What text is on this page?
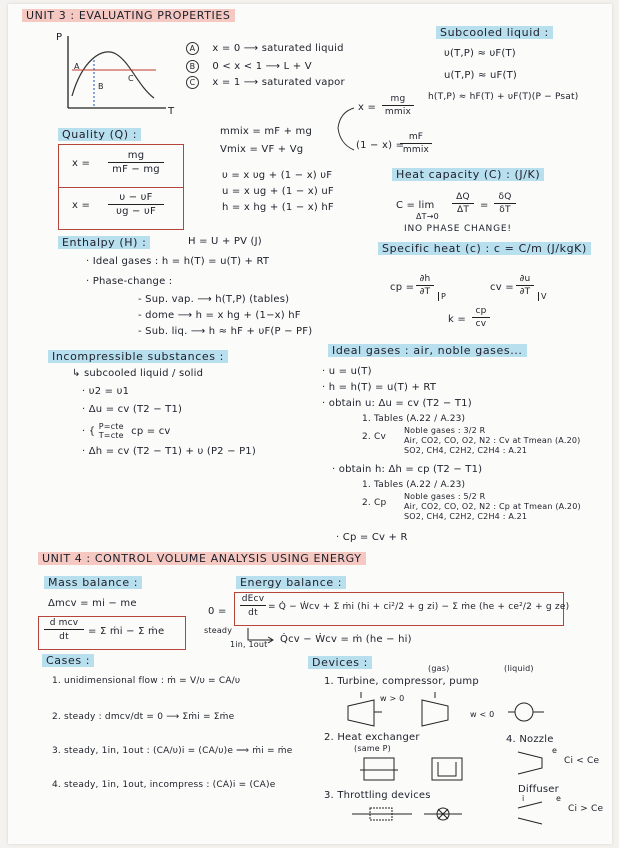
UNIT 3 : EVALUATING PROPERTIES
P
T
A
B
C
A x = 0 ⟶ saturated liquid
B 0 < x < 1 ⟶ L + V
C x = 1 ⟶ saturated vapor
Subcooled liquid :
υ(T,P) ≈ υF(T)
u(T,P) ≈ uF(T)
h(T,P) ≈ hF(T) + υF(T)(P − Psat)
Quality (Q) :
x =
mg
mF − mg
x =
υ − υF
υg − υF
mmix = mF + mg
Vmix = VF + Vg
x =
mg
mmix
(1 − x) =
mF
mmix
υ = x υg + (1 − x) υF
u = x ug + (1 − x) uF
h = x hg + (1 − x) hF
Heat capacity (C) : (J/K)
C = lim
ΔT→0
ΔQ
ΔT	=
δQ
δT
INO PHASE CHANGE!
Enthalpy (H) :	H = U + PV (J)
· Ideal gases : h = h(T) = u(T) + RT
· Phase-change :
- Sup. vap. ⟶ h(T,P) (tables)
- dome ⟶ h = x hg + (1−x) hF
- Sub. liq. ⟶ h ≈ hF + υF(P − PF)
Specific heat (c) : c = C/m (J/kgK)
cp =
∂h
∂T	P
cv =
∂u
∂T	V
k =
cp
cv
Incompressible substances :
↳ subcooled liquid / solid
· υ2 = υ1
· Δu = cv (T2 − T1)
· { P=cte
T=cte cp = cv
· Δh = cv (T2 − T1) + υ (P2 − P1)
Ideal gases : air, noble gases...
· u = u(T)
· h = h(T) = u(T) + RT
· obtain u: Δu = cv (T2 − T1)
1. Tables (A.22 / A.23)
2. Cv
Noble gases : 3/2 R
Air, CO2, CO, O2, N2 : Cv at Tmean (A.20)
SO2, CH4, C2H2, C2H4 : A.21
· obtain h: Δh = cp (T2 − T1)
1. Tables (A.22 / A.23)
2. Cp
Noble gases : 5/2 R
Air, CO2, CO, O2, N2 : Cp at Tmean (A.20)
SO2, CH4, C2H2, C2H4 : A.21
· Cp = Cv + R
UNIT 4 : CONTROL VOLUME ANALYSIS USING ENERGY
Mass balance :
Δmcv = mi − me
d mcv
dt	= Σ ṁi − Σ ṁe
Energy balance :
0 =
steady
dEcv
dt
= Q̇ − Ẇcv + Σ ṁi (hi + ci²/2 + g zi) − Σ ṁe (he + ce²/2 + g ze)
1in, 1out Q̇cv − Ẇcv = ṁ (he − hi)
Cases :
1. unidimensional flow : ṁ = V/υ = CA/υ
2. steady : dmcv/dt = 0 ⟶ Σṁi = Σṁe
3. steady, 1in, 1out : (CA/υ)i = (CA/υ)e ⟹ ṁi = ṁe
4. steady, 1in, 1out, incompress : (CA)i = (CA)e
Devices :	(gas)	(liquid)
1. Turbine, compressor, pump
w > 0
w < 0
2. Heat exchanger
(same P)
4. Nozzle
e
Ci < Ce
Diffuser
i	e
Ci > Ce
3. Throttling devices
